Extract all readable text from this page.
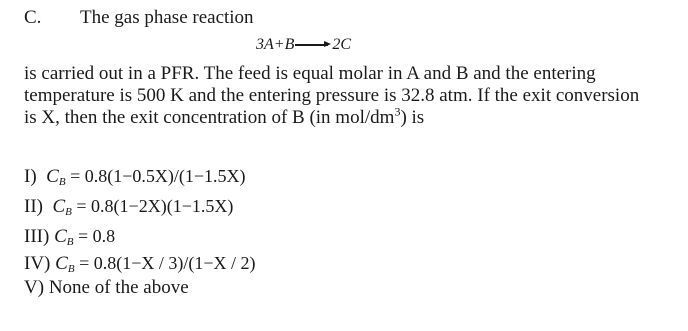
C. The gas phase reaction
3A+B 2C
is carried out in a PFR. The feed is equal molar in A and B and the entering
temperature is 500 K and the entering pressure is 32.8 atm. If the exit conversion
is X, then the exit concentration of B (in mol/$dm^3$) is
I) $C_B = 0.8(1-0.5X)/(1-1.5X)$
II) $C_B = 0.8(1-2X)(1-1.5X)$
III) $C_B = 0.8$
IV) $C_B = 0.8(1-X / 3)/(1-X / 2)$
V) None of the above
